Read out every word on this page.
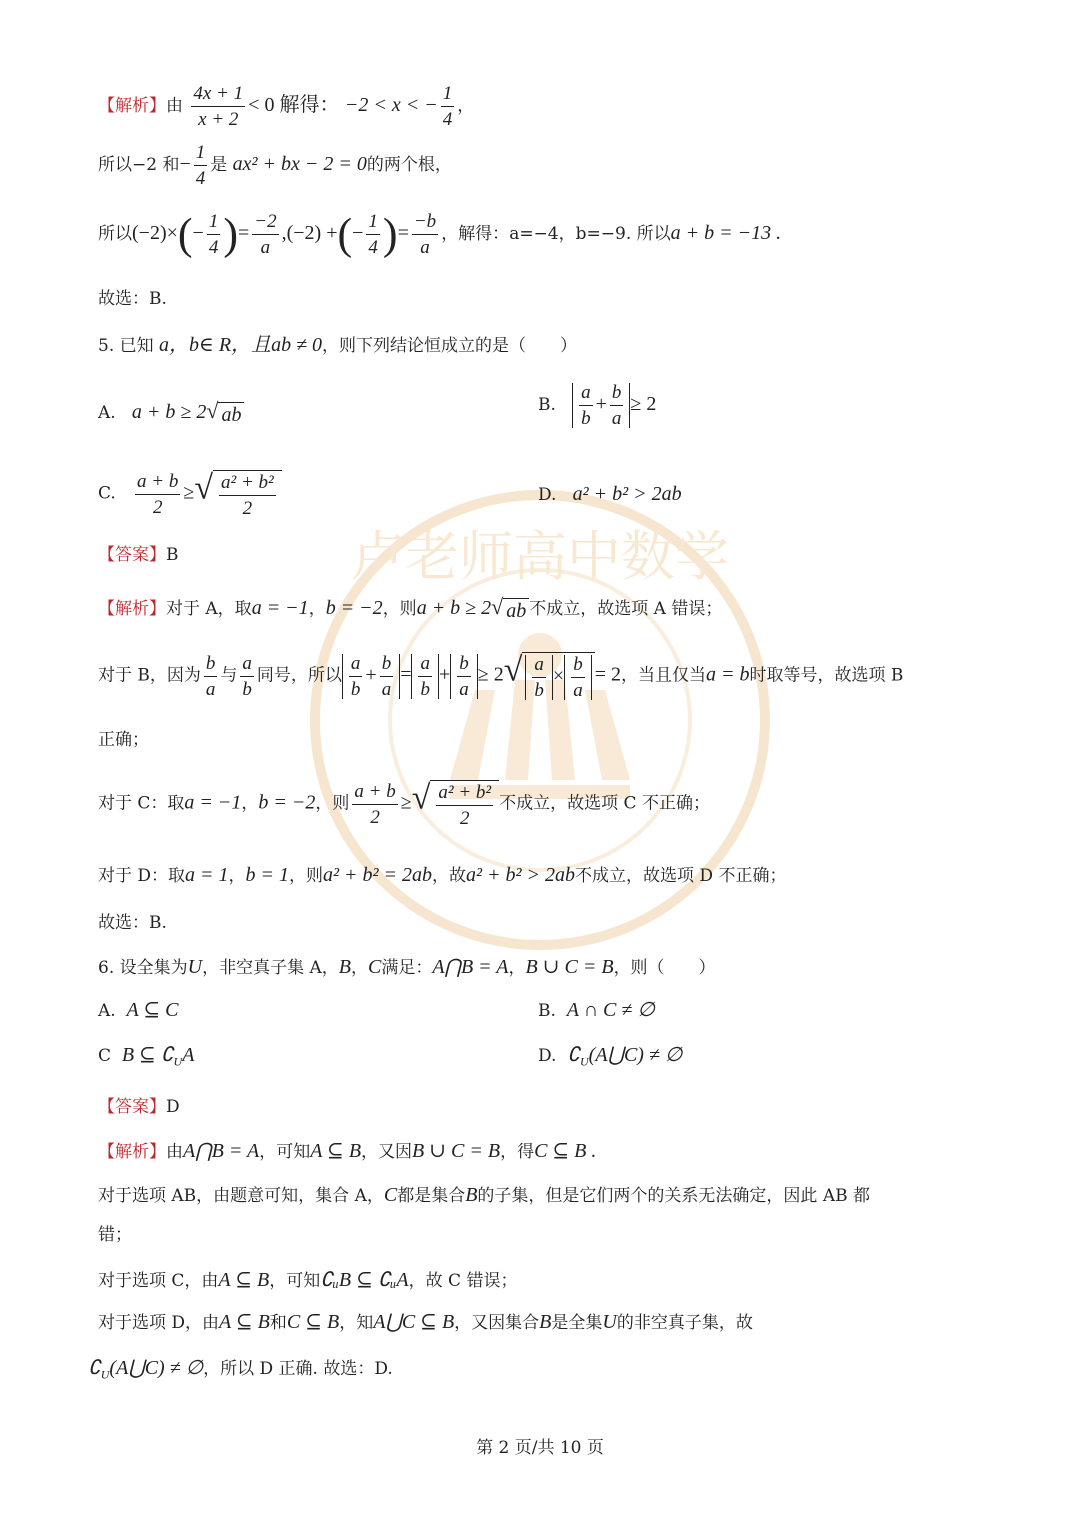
卢老师高中数学
【解析】由 $\frac{4x + 1}{x + 2} < 0$ 解得： −2 < x < − $\frac{1}{4}$ ，
所以−2 和− $\frac{1}{4}$ 是 ax² + bx − 2 = 0的两个根，
所以$(-2)\times(- \frac{1}{4}$ )= $\frac{-2}{a} ,(-2)$ +(− $\frac{1}{4}$ )= $\frac{-b}{a}$ ，解得：a=−4，b=−9. 所以a + b = −13 .
故选：B.
5. 已知 a，b∈ R，且ab ≠ 0，则下列结论恒成立的是（　　）
A. a + b ≥ 2√ ab	B. $\frac{a}{b} + \frac{b}{a} \ge 2$
C. $\frac{a + b}{2}$ ≥√ $\frac{\text{a² + b²}}{2}$	D. a² + b² > 2ab
【答案】B
【解析】对于 A，取a = −1，b = −2，则a + b ≥ 2√ ab 不成立，故选项 A 错误；
对于 B，因为 $\frac{b}{a}$ 与 $\frac{a}{b}$ 同号，所以 $\frac{a}{b} + \frac{b}{a} = \frac{a}{b} + \frac{b}{a} \ge 2√ \frac{a}{b} \times \frac{b}{a} = 2$，当且仅当a = b时取等号，故选项 B
正确；
对于 C：取a = −1，b = −2，则 $\frac{a + b}{2}$ ≥√ $\frac{\text{a² + b²}}{2}$ 不成立，故选项 C 不正确；
对于 D：取a = 1，b = 1，则a² + b² = 2ab，故a² + b² > 2ab不成立，故选项 D 不正确；
故选：B.
6. 设全集为U，非空真子集 A，B，C满足：A⋂B = A，B ∪ C = B，则（　　）
A. A ⊆ C	B. A ∩ C ≠ ∅
C B ⊆ $∁_UA$	D. $∁_U(A⋃C)$ ≠ ∅
【答案】D
【解析】由A⋂B = A，可知A ⊆ B，又因B ∪ C = B，得C ⊆ B .
对于选项 AB，由题意可知，集合 A，C都是集合B的子集，但是它们两个的关系无法确定，因此 AB 都
错；
对于选项 C，由A ⊆ B，可知∁ᵤB ⊆ ∁ᵤA，故 C 错误；
对于选项 D，由A ⊆ B和C ⊆ B，知A⋃C ⊆ B，又因集合B是全集U的非空真子集，故
$∁_U(A⋃C)$ ≠ ∅，所以 D 正确. 故选：D.
第 2 页/共 10 页
